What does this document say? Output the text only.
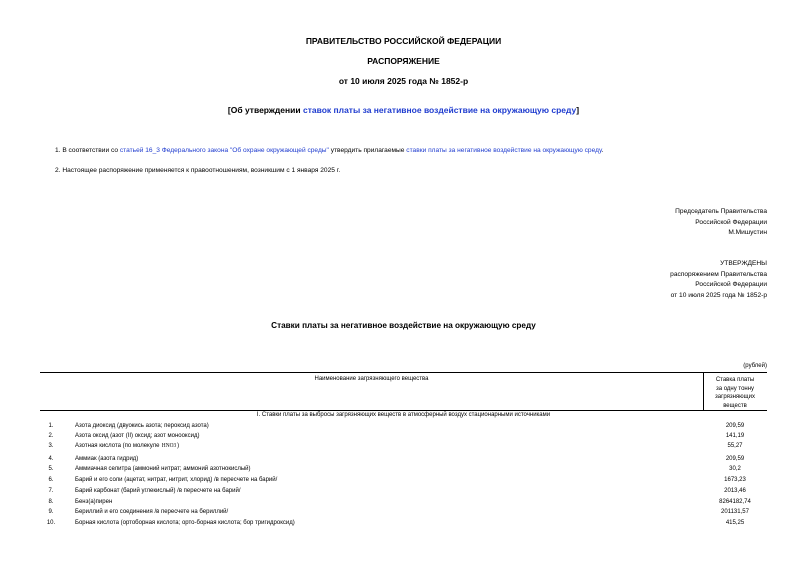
ПРАВИТЕЛЬСТВО РОССИЙСКОЙ ФЕДЕРАЦИИ
РАСПОРЯЖЕНИЕ
от 10 июля 2025 года № 1852-р
[Об утверждении ставок платы за негативное воздействие на окружающую среду]
1. В соответствии со статьей 16_3 Федерального закона "Об охране окружающей среды" утвердить прилагаемые ставки платы за негативное воздействие на окружающую среду.
2. Настоящее распоряжение применяется к правоотношениям, возникшим с 1 января 2025 г.
Председатель Правительства
Российской Федерации
М.Мишустин
УТВЕРЖДЕНЫ
распоряжением Правительства
Российской Федерации
от 10 июля 2025 года № 1852-р
Ставки платы за негативное воздействие на окружающую среду
(рублей)
Наименование загрязняющего вещества	Ставка платы
за одну тонну
загрязняющих
веществ
I. Ставки платы за выбросы загрязняющих веществ в атмосферный воздух стационарными источниками
1.	Азота диоксид (двуокись азота; пероксид азота)	209,59
2.	Азота оксид (азот (II) оксид; азот монооксид)	141,19
3.	Азотная кислота (по молекуле HNO3)	55,27
4.	Аммиак (азота гидрид)	209,59
5.	Аммиачная селитра (аммоний нитрат; аммоний азотнокислый)	30,2
6.	Барий и его соли (ацетат, нитрат, нитрит, хлорид) /в пересчете на барий/	1673,23
7.	Барий карбонат (барий углекислый) /в пересчете на барий/	2013,46
8.	Бенз(а)пирен	8264182,74
9.	Бериллий и его соединения /в пересчете на бериллий/	201131,57
10.	Борная кислота (ортоборная кислота; орто-борная кислота; бор тригидроксид)	415,25
